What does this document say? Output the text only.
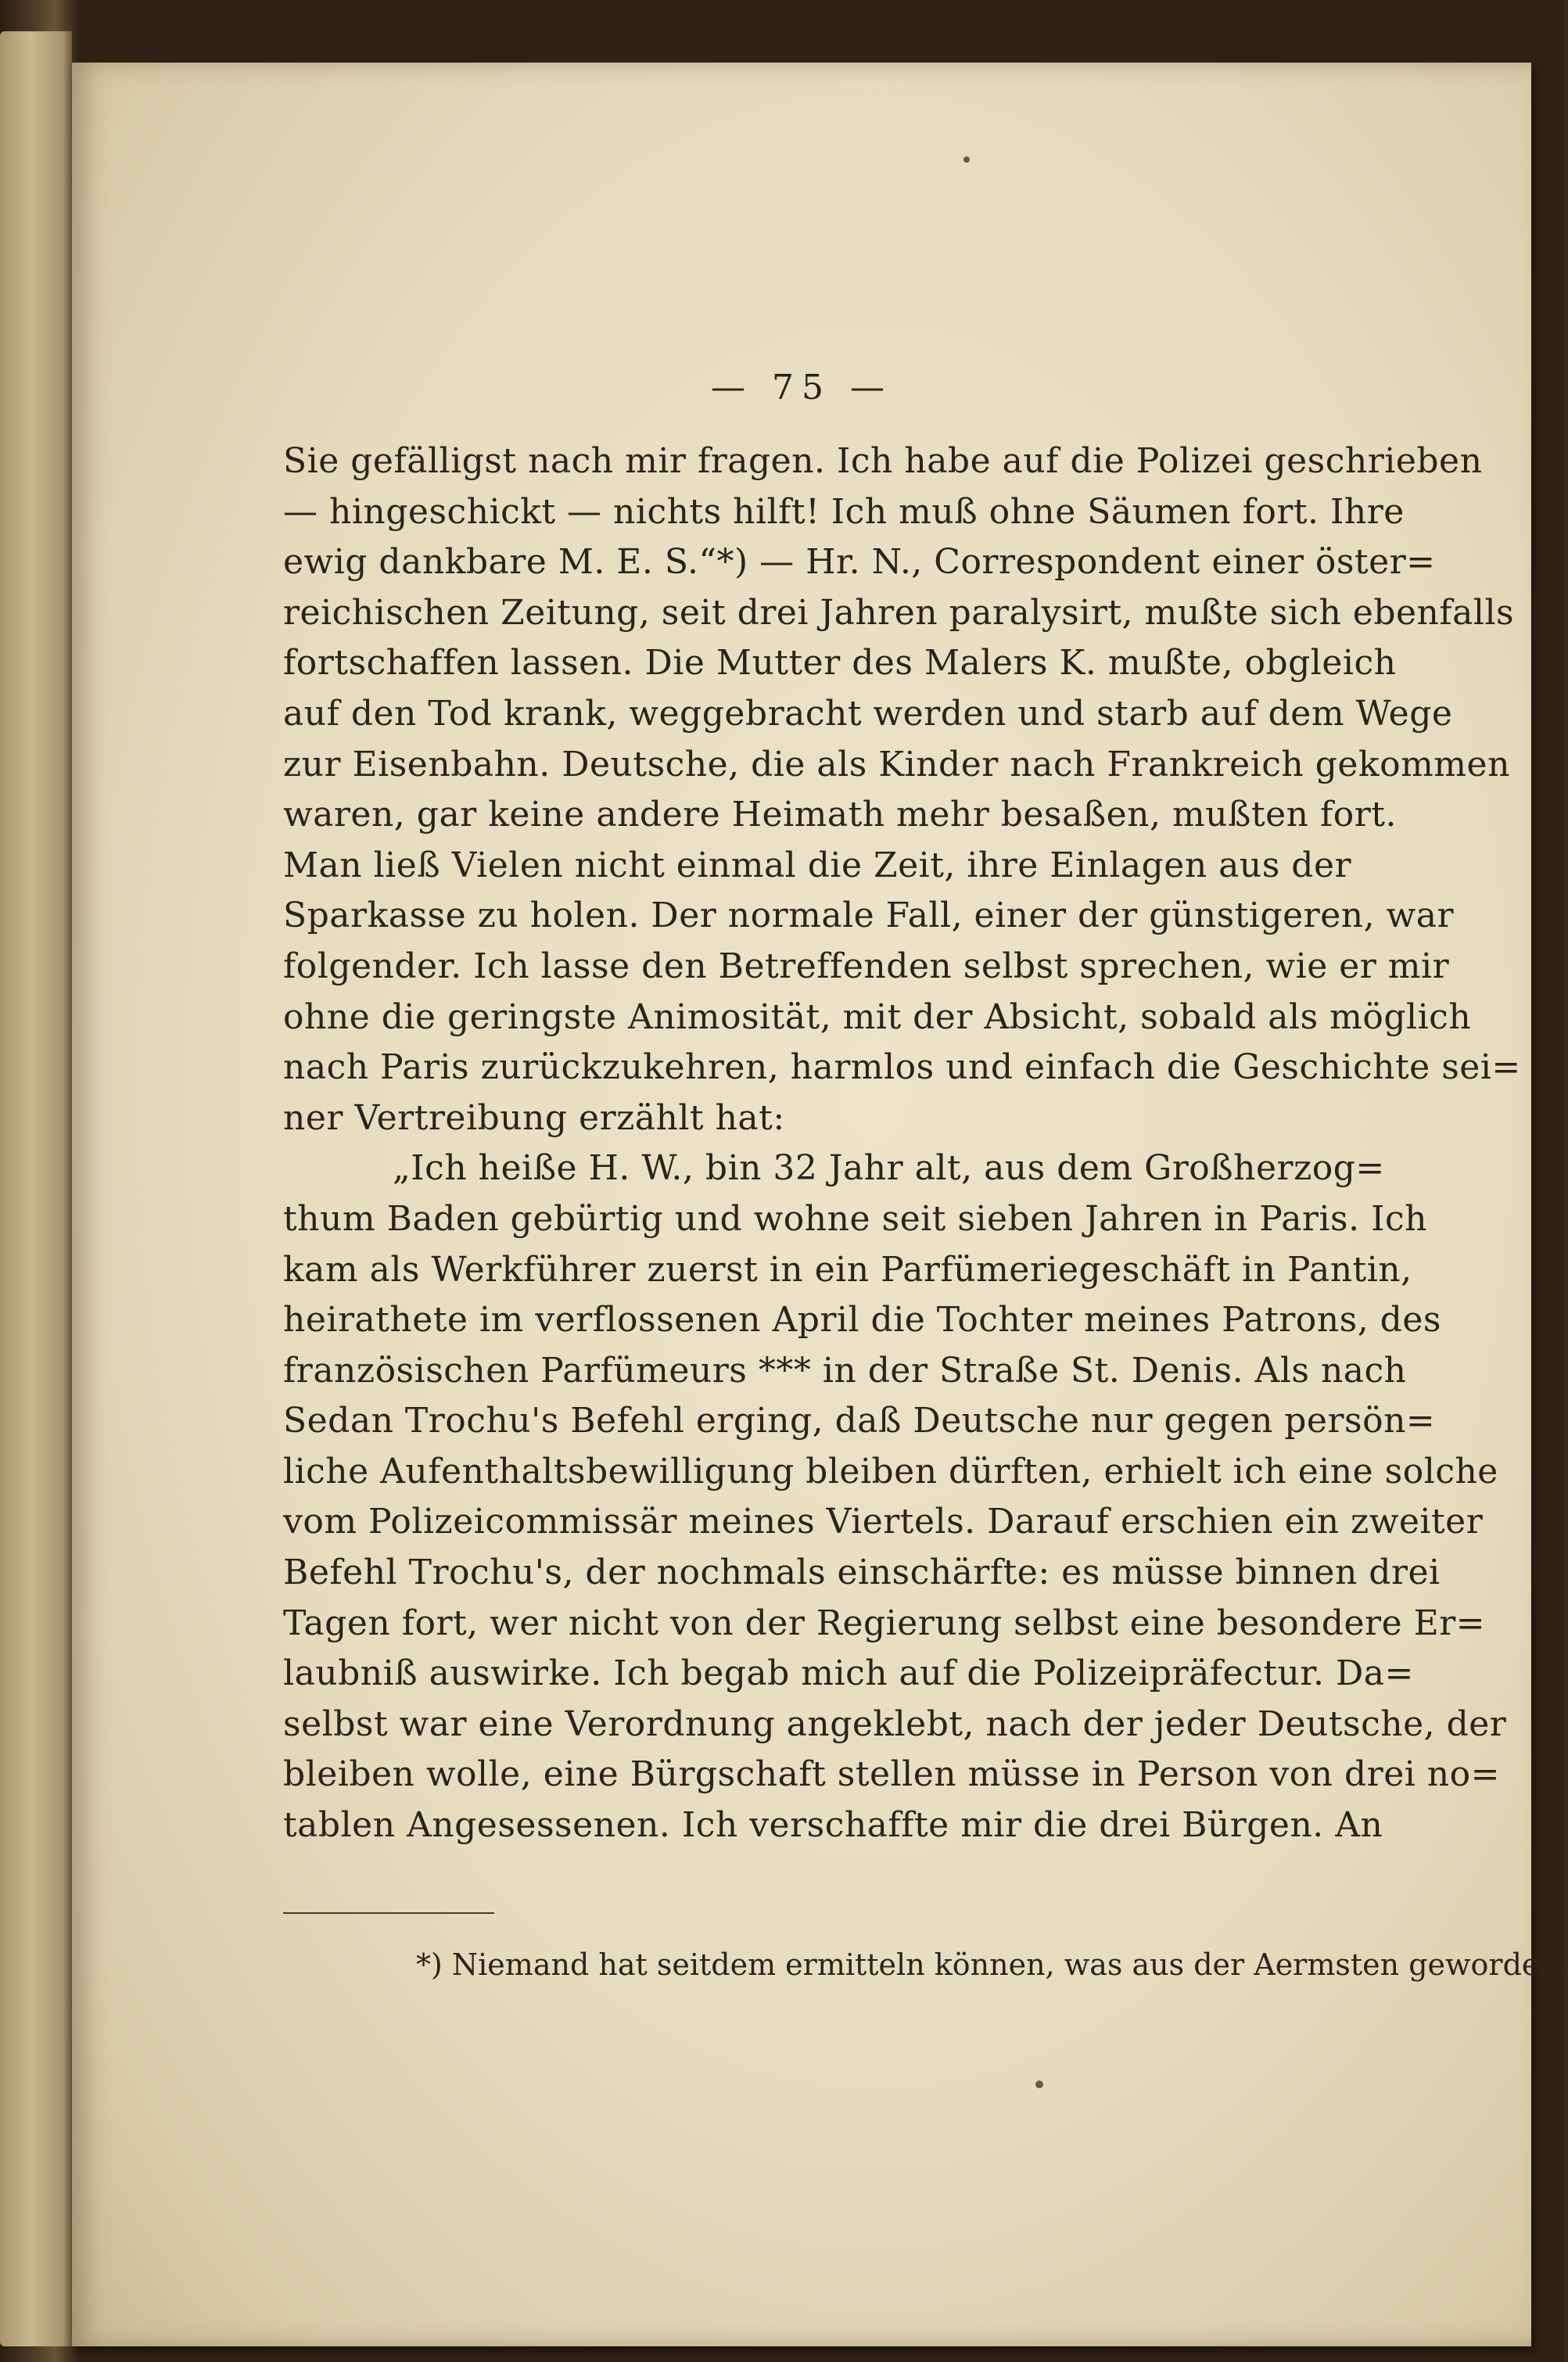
— 75 —
Sie gefälligst nach mir fragen. Ich habe auf die Polizei geschrieben
— hingeschickt — nichts hilft! Ich muß ohne Säumen fort. Ihre
ewig dankbare M. E. S.“*) — Hr. N., Correspondent einer öster=
reichischen Zeitung, seit drei Jahren paralysirt, mußte sich ebenfalls
fortschaffen lassen. Die Mutter des Malers K. mußte, obgleich
auf den Tod krank, weggebracht werden und starb auf dem Wege
zur Eisenbahn. Deutsche, die als Kinder nach Frankreich gekommen
waren, gar keine andere Heimath mehr besaßen, mußten fort.
Man ließ Vielen nicht einmal die Zeit, ihre Einlagen aus der
Sparkasse zu holen. Der normale Fall, einer der günstigeren, war
folgender. Ich lasse den Betreffenden selbst sprechen, wie er mir
ohne die geringste Animosität, mit der Absicht, sobald als möglich
nach Paris zurückzukehren, harmlos und einfach die Geschichte sei=
ner Vertreibung erzählt hat:
„Ich heiße H. W., bin 32 Jahr alt, aus dem Großherzog=
thum Baden gebürtig und wohne seit sieben Jahren in Paris. Ich
kam als Werkführer zuerst in ein Parfümeriegeschäft in Pantin,
heirathete im verflossenen April die Tochter meines Patrons, des
französischen Parfümeurs *** in der Straße St. Denis. Als nach
Sedan Trochu's Befehl erging, daß Deutsche nur gegen persön=
liche Aufenthaltsbewilligung bleiben dürften, erhielt ich eine solche
vom Polizeicommissär meines Viertels. Darauf erschien ein zweiter
Befehl Trochu's, der nochmals einschärfte: es müsse binnen drei
Tagen fort, wer nicht von der Regierung selbst eine besondere Er=
laubniß auswirke. Ich begab mich auf die Polizeipräfectur. Da=
selbst war eine Verordnung angeklebt, nach der jeder Deutsche, der
bleiben wolle, eine Bürgschaft stellen müsse in Person von drei no=
tablen Angesessenen. Ich verschaffte mir die drei Bürgen. An
*) Niemand hat seitdem ermitteln können, was aus der Aermsten geworden.
